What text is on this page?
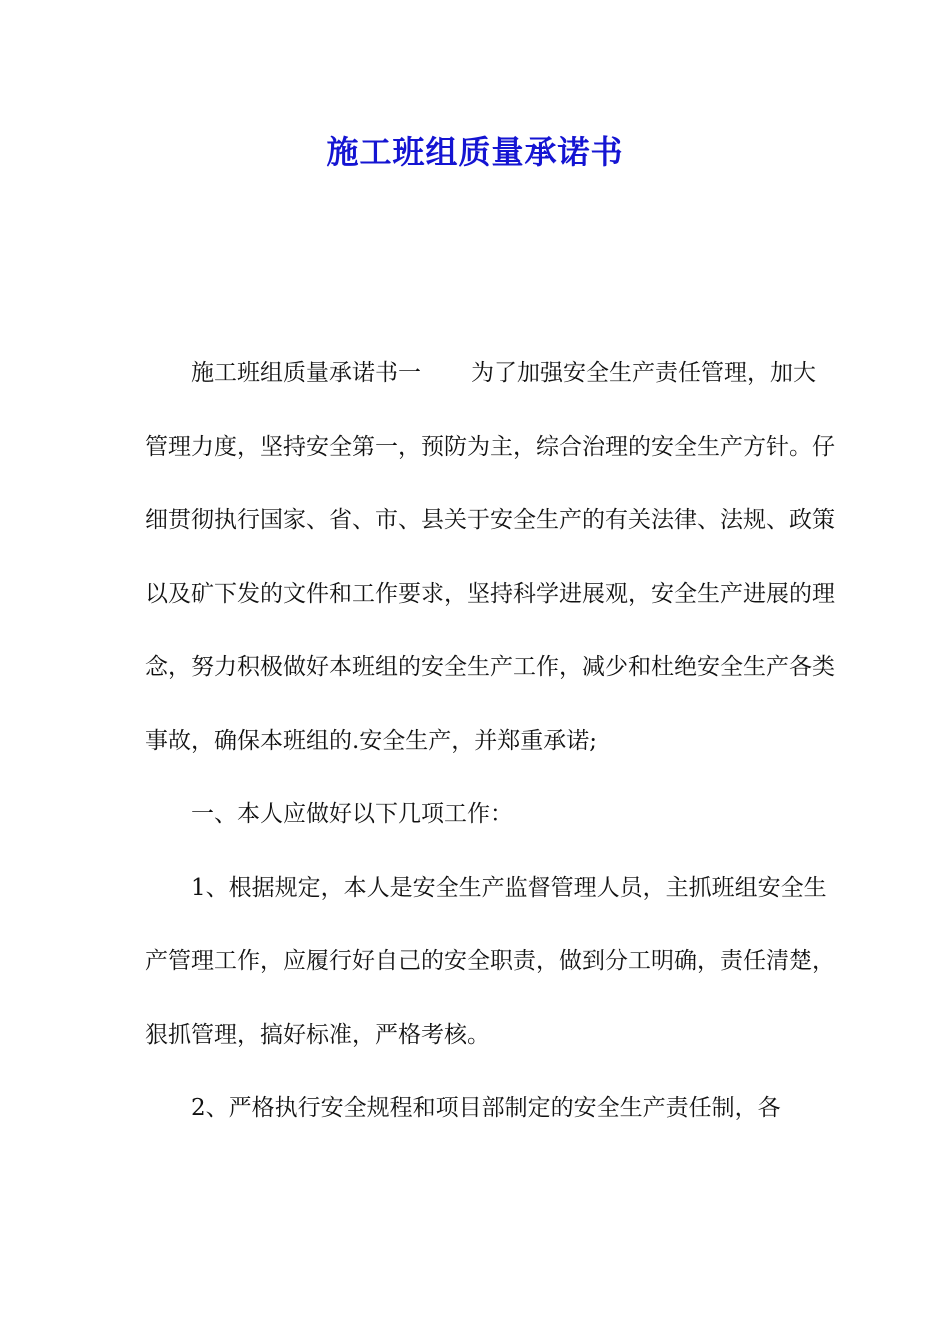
施工班组质量承诺书

施工班组质量承诺书一 为了加强安全生产责任管理，加大管理力度，坚持安全第一，预防为主，综合治理的安全生产方针。仔细贯彻执行国家、省、市、县关于安全生产的有关法律、法规、政策以及矿下发的文件和工作要求，坚持科学进展观，安全生产进展的理念，努力积极做好本班组的安全生产工作，减少和杜绝安全生产各类事故，确保本班组的.安全生产，并郑重承诺;

一、本人应做好以下几项工作：

1、根据规定，本人是安全生产监督管理人员，主抓班组安全生产管理工作，应履行好自己的安全职责，做到分工明确，责任清楚，狠抓管理，搞好标准，严格考核。

2、严格执行安全规程和项目部制定的安全生产责任制，各
